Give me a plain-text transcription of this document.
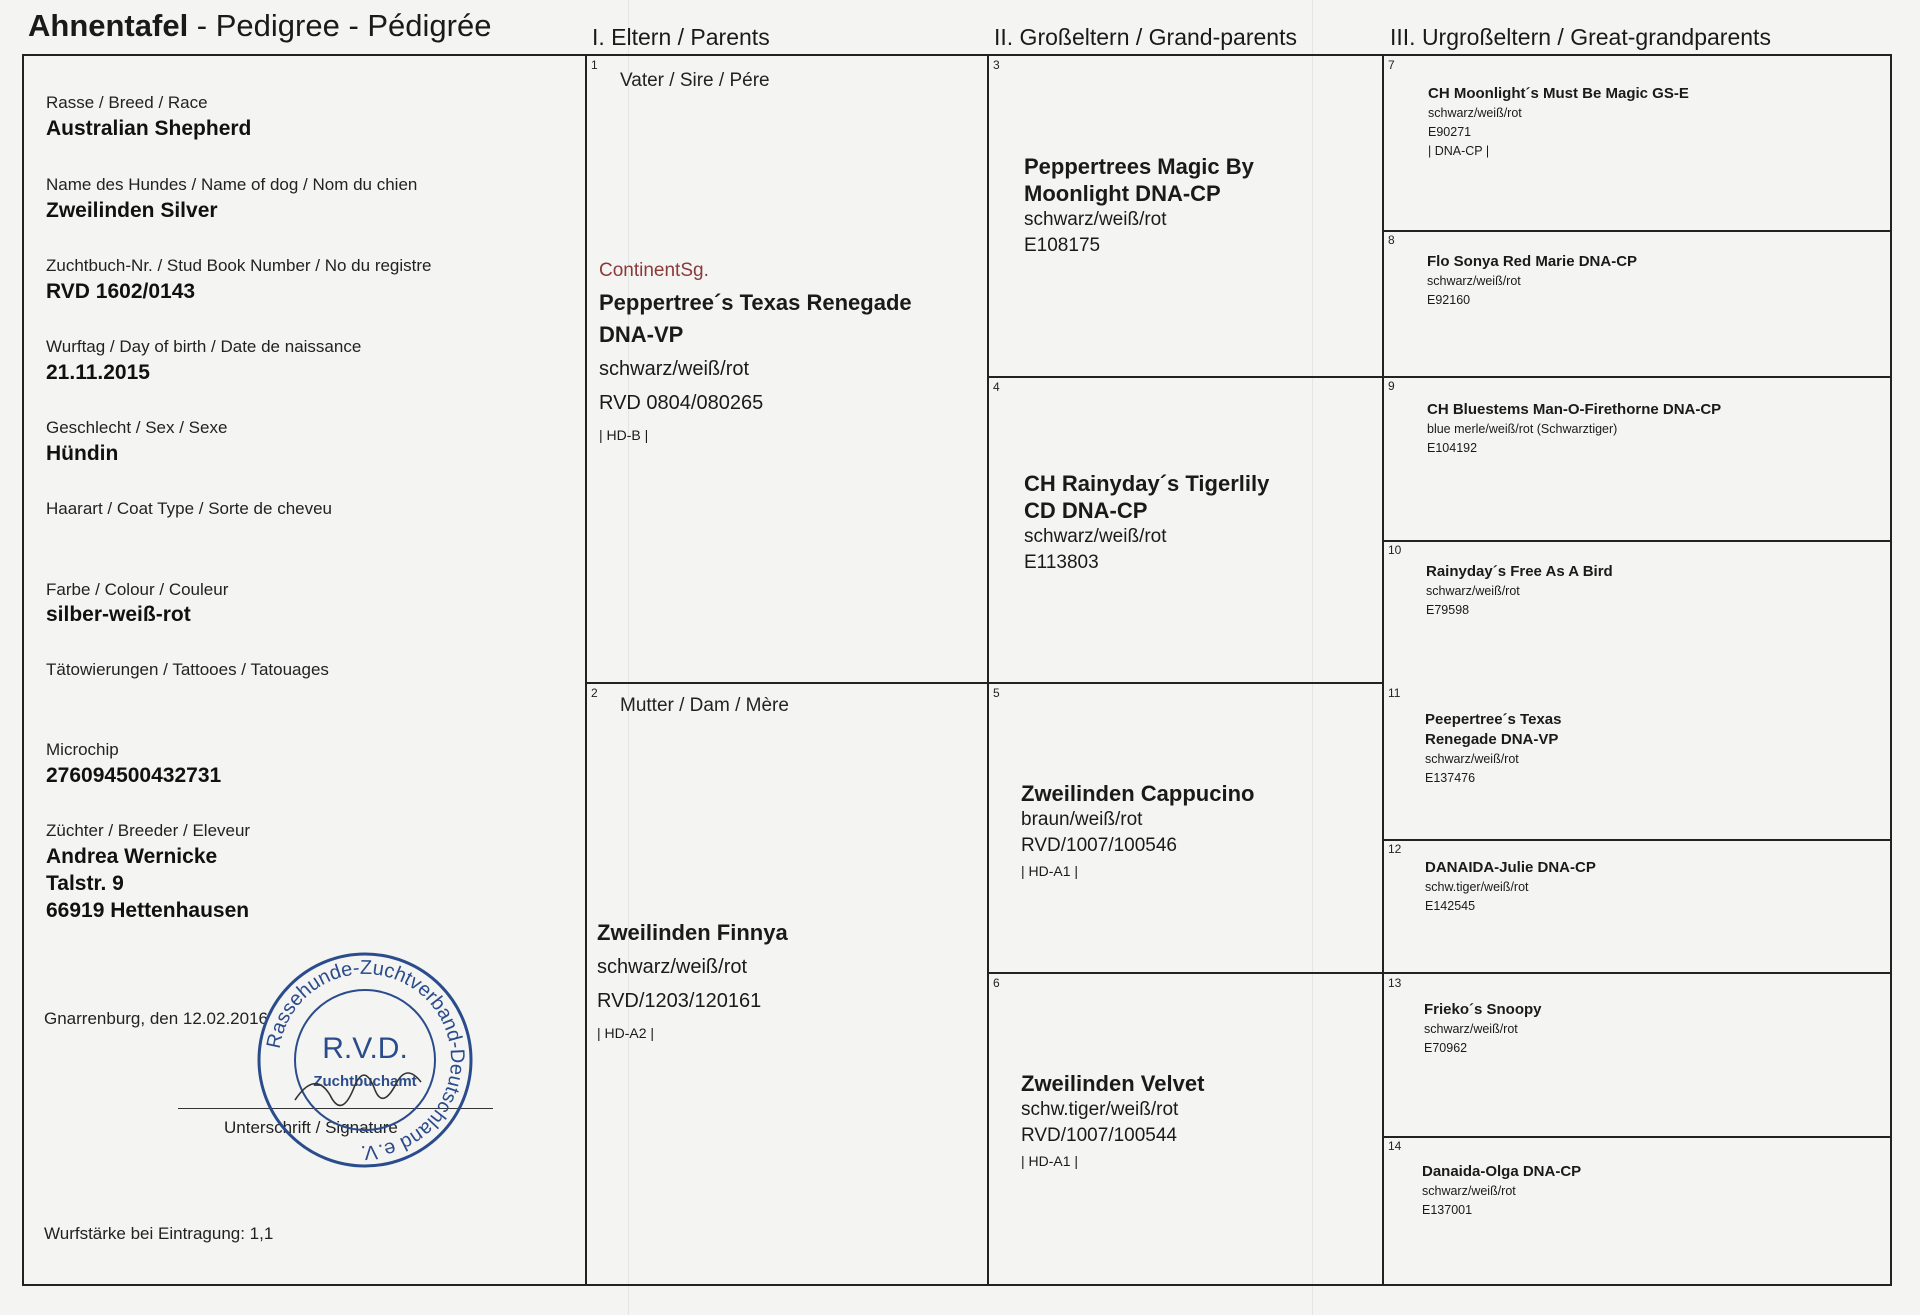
Ahnentafel - Pedigree - Pédigrée	I. Eltern / Parents	II. Großeltern / Grand-parents	III. Urgroßeltern / Great-grandparents
Rasse / Breed / Race
Australian Shepherd
Name des Hundes / Name of dog / Nom du chien
Zweilinden Silver
Zuchtbuch-Nr. / Stud Book Number / No du registre
RVD 1602/0143
Wurftag / Day of birth / Date de naissance
21.11.2015
Geschlecht / Sex / Sexe
Hündin
Haarart / Coat Type / Sorte de cheveu
Farbe / Colour / Couleur
silber-weiß-rot
Tätowierungen / Tattooes / Tatouages
Microchip
276094500432731
Züchter / Breeder / Eleveur
Andrea Wernicke
Talstr. 9
66919 Hettenhausen
Gnarrenburg, den 12.02.2016
Unterschrift / Signature
Wurfstärke bei Eintragung: 1,1
Rassehunde-Zuchtverband-Deutschland e.V.
R.V.D.
Zuchtbuchamt
1
Vater / Sire / Pére
ContinentSg.
Peppertree´s Texas Renegade
DNA-VP
schwarz/weiß/rot
RVD 0804/080265
| HD-B |
2
Mutter / Dam / Mère
Zweilinden Finnya
schwarz/weiß/rot
RVD/1203/120161
| HD-A2 |
3
Peppertrees Magic By
Moonlight DNA-CP
schwarz/weiß/rot
E108175
4
CH Rainyday´s Tigerlily
CD DNA-CP
schwarz/weiß/rot
E113803
5
Zweilinden Cappucino
braun/weiß/rot
RVD/1007/100546
| HD-A1 |
6
Zweilinden Velvet
schw.tiger/weiß/rot
RVD/1007/100544
| HD-A1 |
7
CH Moonlight´s Must Be Magic GS-E
schwarz/weiß/rot
E90271
| DNA-CP |
8
Flo Sonya Red Marie DNA-CP
schwarz/weiß/rot
E92160
9
CH Bluestems Man-O-Firethorne DNA-CP
blue merle/weiß/rot (Schwarztiger)
E104192
10
Rainyday´s Free As A Bird
schwarz/weiß/rot
E79598
11
Peepertree´s Texas
Renegade DNA-VP
schwarz/weiß/rot
E137476
12
DANAIDA-Julie DNA-CP
schw.tiger/weiß/rot
E142545
13
Frieko´s Snoopy
schwarz/weiß/rot
E70962
14
Danaida-Olga DNA-CP
schwarz/weiß/rot
E137001
